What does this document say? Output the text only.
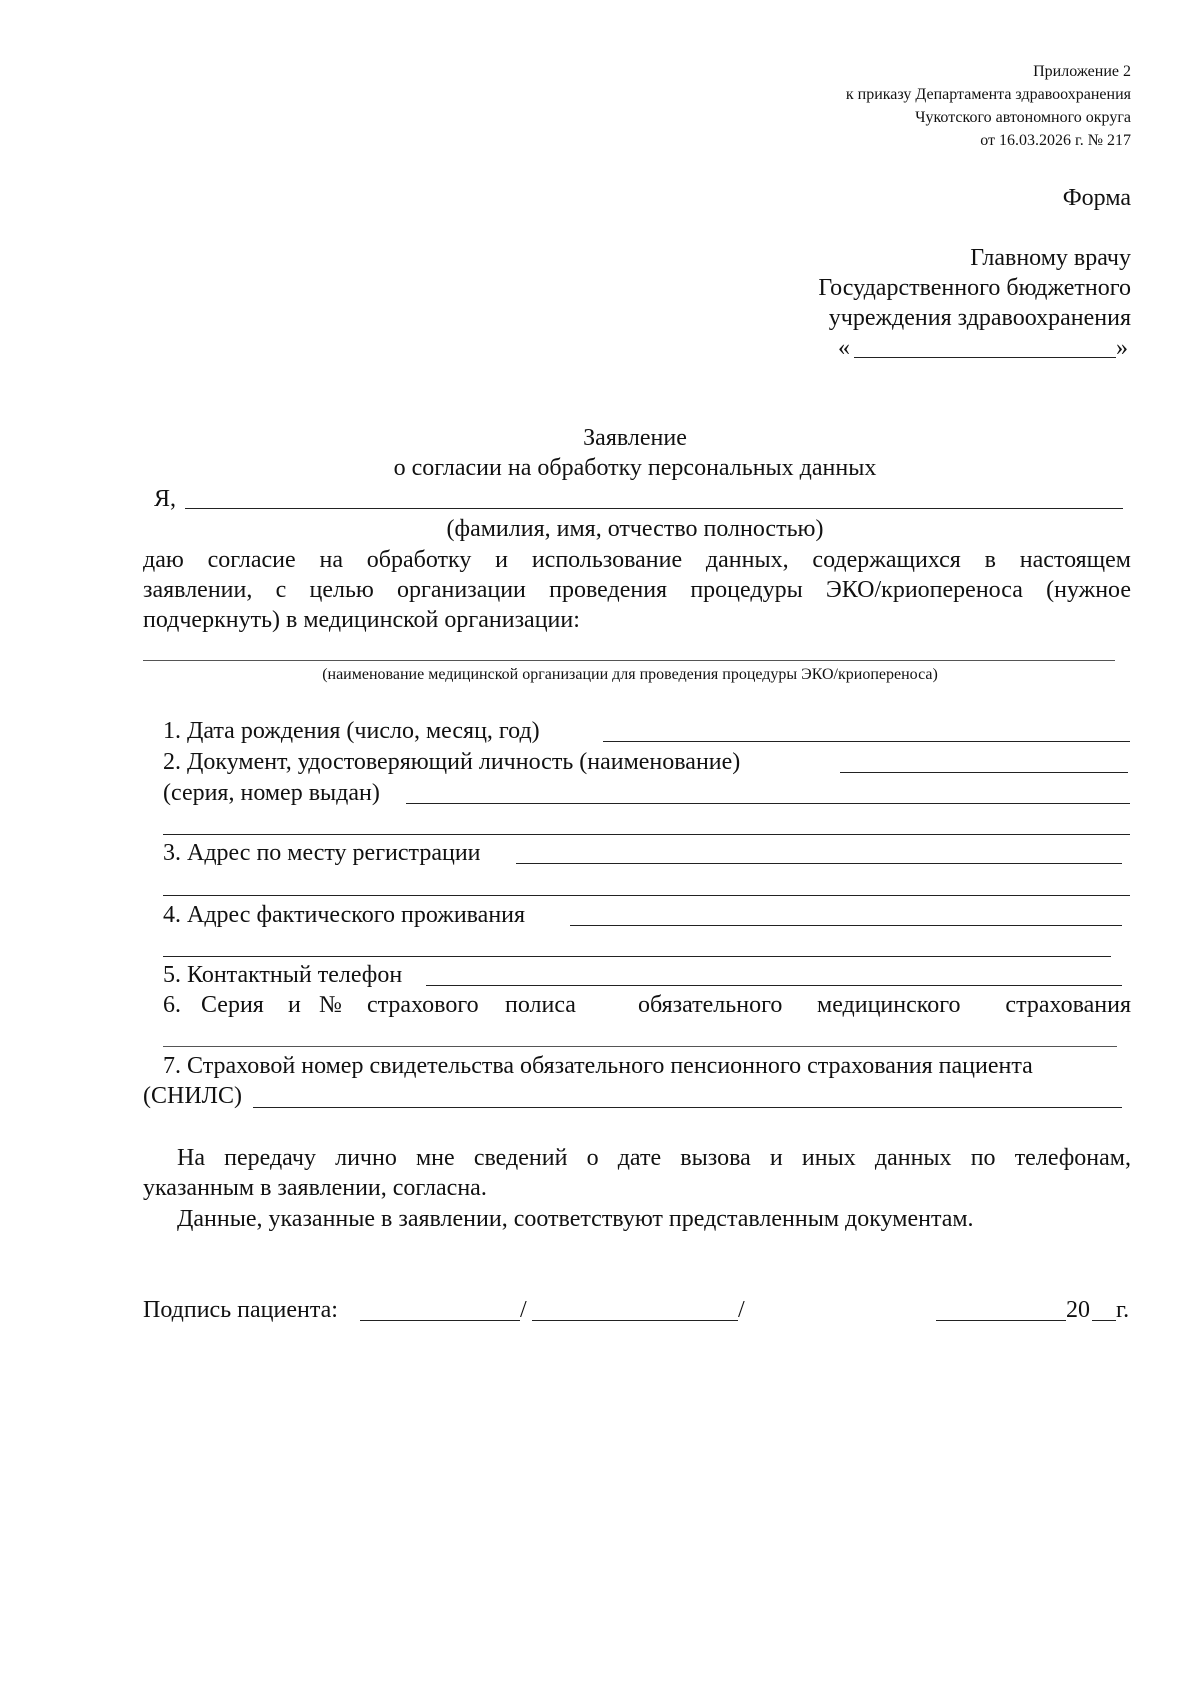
Приложение 2
к приказу Департамента здравоохранения
Чукотского автономного округа
от 16.03.2026 г. № 217
Форма
Главному врачу
Государственного бюджетного
учреждения здравоохранения
«	»
Заявление
о согласии на обработку персональных данных
Я,
(фамилия, имя, отчество полностью)
даю согласие на обработку и использование данных, содержащихся в настоящем
заявлении, с целью организации проведения процедуры ЭКО/криопереноса (нужное
подчеркнуть) в медицинской организации:
(наименование медицинской организации для проведения процедуры ЭКО/криопереноса)
1. Дата рождения (число, месяц, год)
2. Документ, удостоверяющий личность (наименование)
(серия, номер выдан)
3. Адрес по месту регистрации
4. Адрес фактического проживания
5. Контактный телефон
6. Серия и № страхового полиса	обязательного медицинского страхования
7. Страховой номер свидетельства обязательного пенсионного страхования пациента
(СНИЛС)
На передачу лично мне сведений о дате вызова и иных данных по телефонам,
указанным в заявлении, согласна.
Данные, указанные в заявлении, соответствуют представленным документам.
Подпись пациента:	/	/	20 г.
